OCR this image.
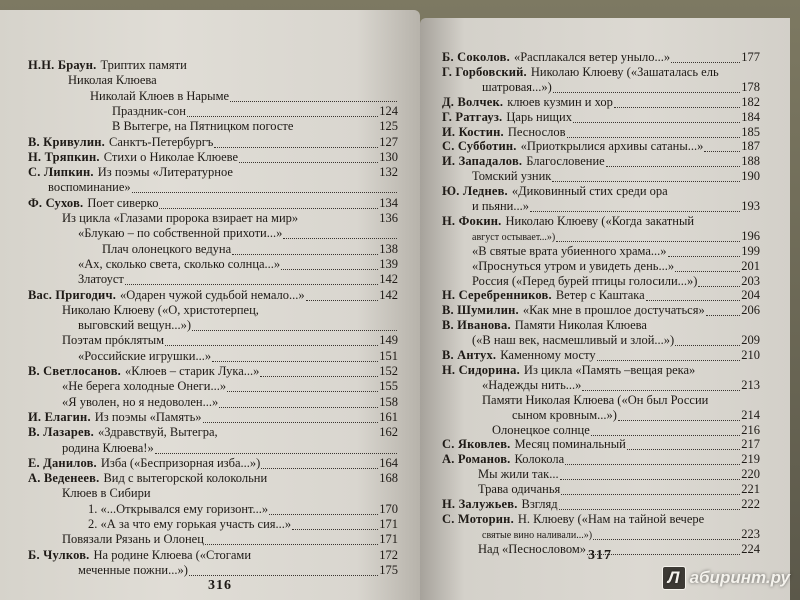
Н.Н. Браун. Триптих памяти
Николая Клюева
Николай Клюев в Нарыме
Праздник-сон	124
В Вытегре, на Пятницком погосте	125
В. Кривулин. Санктъ-Петербургъ	127
Н. Тряпкин. Стихи о Николае Клюеве	130
С. Липкин. Из поэмы «Литературное	132
воспоминание»
Ф. Сухов. Поет сиверко	134
Из цикла «Глазами пророка взирает на мир»	136
«Блукаю – по собственной прихоти...»
Плач олонецкого ведуна	138
«Ах, сколько света, сколько солнца...»	139
Златоуст	142
Вас. Пригодич. «Одарен чужой судьбой немало...»	142
Николаю Клюеву («О, христотерпец,
выговский вещун...»)
Поэтам прóклятым	149
«Российские игрушки...»	151
В. Светлосанов. «Клюев – старик Лука...»	152
«Не берега холодные Онеги...»	155
«Я уволен, но я недоволен...»	158
И. Елагин. Из поэмы «Память»	161
В. Лазарев. «Здравствуй, Вытегра,	162
родина Клюева!»
Е. Данилов. Изба («Беспризорная изба...»)	164
А. Веденеев. Вид с вытегорской колокольни	168
Клюев в Сибири
1. «...Открывался ему горизонт...»	170
2. «А за что ему горькая участь сия...»	171
Повязали Рязань и Олонец	171
Б. Чулков. На родине Клюева («Стогами	172
меченные пожни...»)	175
316
Б. Соколов. «Расплакался ветер уныло...»	177
Г. Горбовский. Николаю Клюеву («Зашаталась ель
шатровая...»)	178
Д. Волчек. клюев кузмин и хор	182
Г. Ратгауз. Царь нищих	184
И. Костин. Песнослов	185
С. Субботин. «Приоткрылися архивы сатаны...»	187
И. Западалов. Благословение	188
Томский узник	190
Ю. Леднев. «Диковинный стих среди ора
и пьяни...»	193
Н. Фокин. Николаю Клюеву («Когда закатный
август остывает...»)	196
«В святые врата убиенного храма...»	199
«Проснуться утром и увидеть день...»	201
Россия («Перед бурей птицы голосили...»)	203
Н. Серебренников. Ветер с Каштака	204
В. Шумилин. «Как мне в прошлое достучаться»	206
В. Иванова. Памяти Николая Клюева
(«В наш век, насмешливый и злой...»)	209
В. Антух. Каменному мосту	210
Н. Сидорина. Из цикла «Память –вещая река»
«Надежды нить...»	213
Памяти Николая Клюева («Он был России
сыном кровным...»)	214
Олонецкое солнце	216
С. Яковлев. Месяц поминальный	217
А. Романов. Колокола	219
Мы жили так...	220
Трава одичанья	221
Н. Залужьев. Взгляд	222
С. Моторин. Н. Клюеву («Нам на тайной вечере
святые вино наливали...»)	223
Над «Песнословом»	224
317
Л абиринт.ру
